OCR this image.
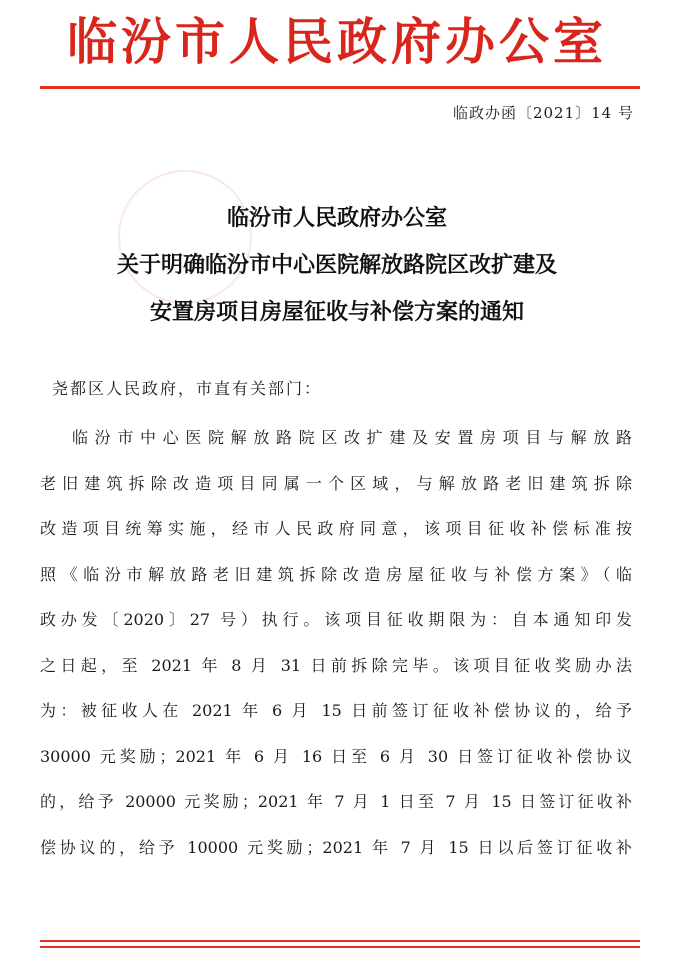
临汾市人民政府办公室
临政办函〔2021〕14 号
临汾市人民政府办公室
关于明确临汾市中心医院解放路院区改扩建及
安置房项目房屋征收与补偿方案的通知
尧都区人民政府，市直有关部门：
临汾市中心医院解放路院区改扩建及安置房项目与解放路
老旧建筑拆除改造项目同属一个区域，与解放路老旧建筑拆除
改造项目统筹实施，经市人民政府同意，该项目征收补偿标准按
照《临汾市解放路老旧建筑拆除改造房屋征收与补偿方案》（临
政办发〔2020〕27 号）执行。该项目征收期限为：自本通知印发
之日起，至 2021 年 8 月 31 日前拆除完毕。该项目征收奖励办法
为：被征收人在 2021 年 6 月 15 日前签订征收补偿协议的，给予
30000 元奖励；2021 年 6 月 16 日至 6 月 30 日签订征收补偿协议
的，给予 20000 元奖励；2021 年 7 月 1 日至 7 月 15 日签订征收补
偿协议的，给予 10000 元奖励；2021 年 7 月 15 日以后签订征收补
